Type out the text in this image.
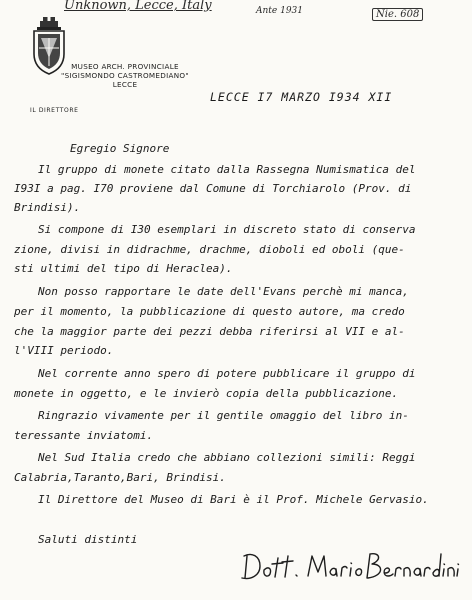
Unknown, Lecce, Italy	Ante 1931	Nie. 608
MUSEO ARCH. PROVINCIALE
"SIGISMONDO CASTROMEDIANO"
LECCE
IL DIRETTORE
LECCE I7 MARZO I934 XII
Egregio Signore
Il gruppo di monete citato dalla Rassegna Numismatica del
I93I a pag. I70 proviene dal Comune di Torchiarolo (Prov. di
Brindisi).
Si compone di I30 esemplari in discreto stato di conserva
zione, divisi in didrachme, drachme, dioboli ed oboli (que-
sti ultimi del tipo di Heraclea).
Non posso rapportare le date dell'Evans perchè mi manca,
per il momento, la pubblicazione di questo autore, ma credo
che la maggior parte dei pezzi debba riferirsi al VII e al-
l'VIII periodo.
Nel corrente anno spero di potere pubblicare il gruppo di
monete in oggetto, e le invierò copia della pubblicazione.
Ringrazio vivamente per il gentile omaggio del libro in-
teressante inviatomi.
Nel Sud Italia credo che abbiano collezioni simili: Reggi
Calabria,Taranto,Bari, Brindisi.
Il Direttore del Museo di Bari è il Prof. Michele Gervasio.
Saluti distinti
